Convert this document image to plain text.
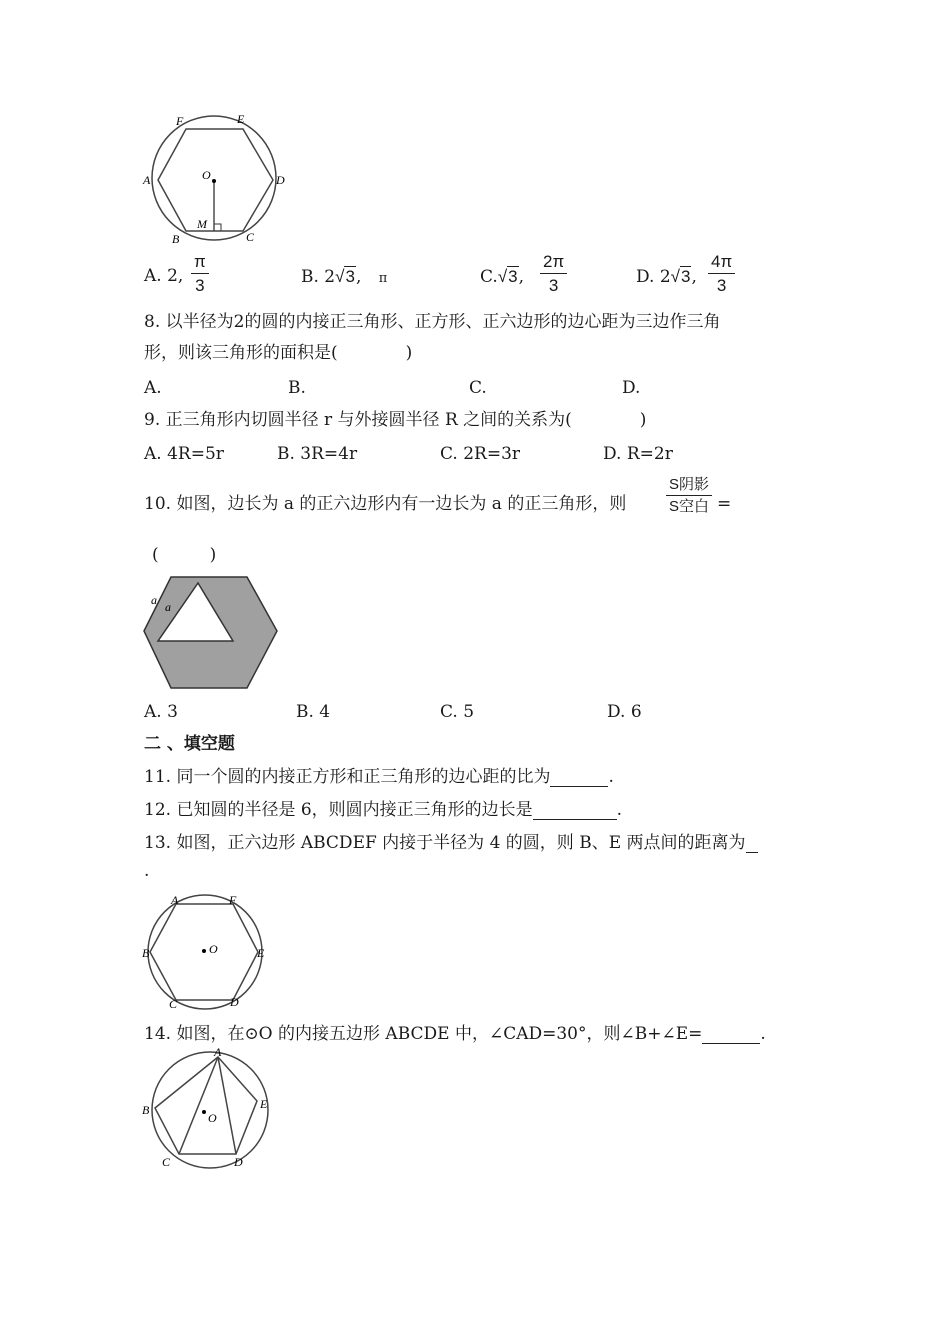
F	E
A	O	D
M
B	C
A. 2,
π
3	B. 2√3, π	C.√3,
2π
3	D. 2√3,
4π
3
8. 以半径为2的圆的内接正三角形、正方形、正六边形的边心距为三边作三角
形，则该三角形的面积是(　　　　)
A.	B.	C.	D.
9. 正三角形内切圆半径 r 与外接圆半径 R 之间的关系为(　　　　)
A. 4R=5r	B. 3R=4r	C. 2R=3r	D. R=2r
10. 如图，边长为 a 的正六边形内有一边长为 a 的正三角形，则
S阴影
S空白 =
(　　　)
a a
A. 3	B. 4	C. 5	D. 6
二 、填空题
11. 同一个圆的内接正方形和正三角形的边心距的比为	.
12. 已知圆的半径是 6，则圆内接正三角形的边长是	.
13. 如图，正六边形 ABCDEF 内接于半径为 4 的圆，则 B、E 两点间的距离为
.
A	F
B	O	E
C	D
14. 如图，在⊙O 的内接五边形 ABCDE 中，∠CAD=30°，则∠B+∠E=	.
A
B	E
O
C	D
